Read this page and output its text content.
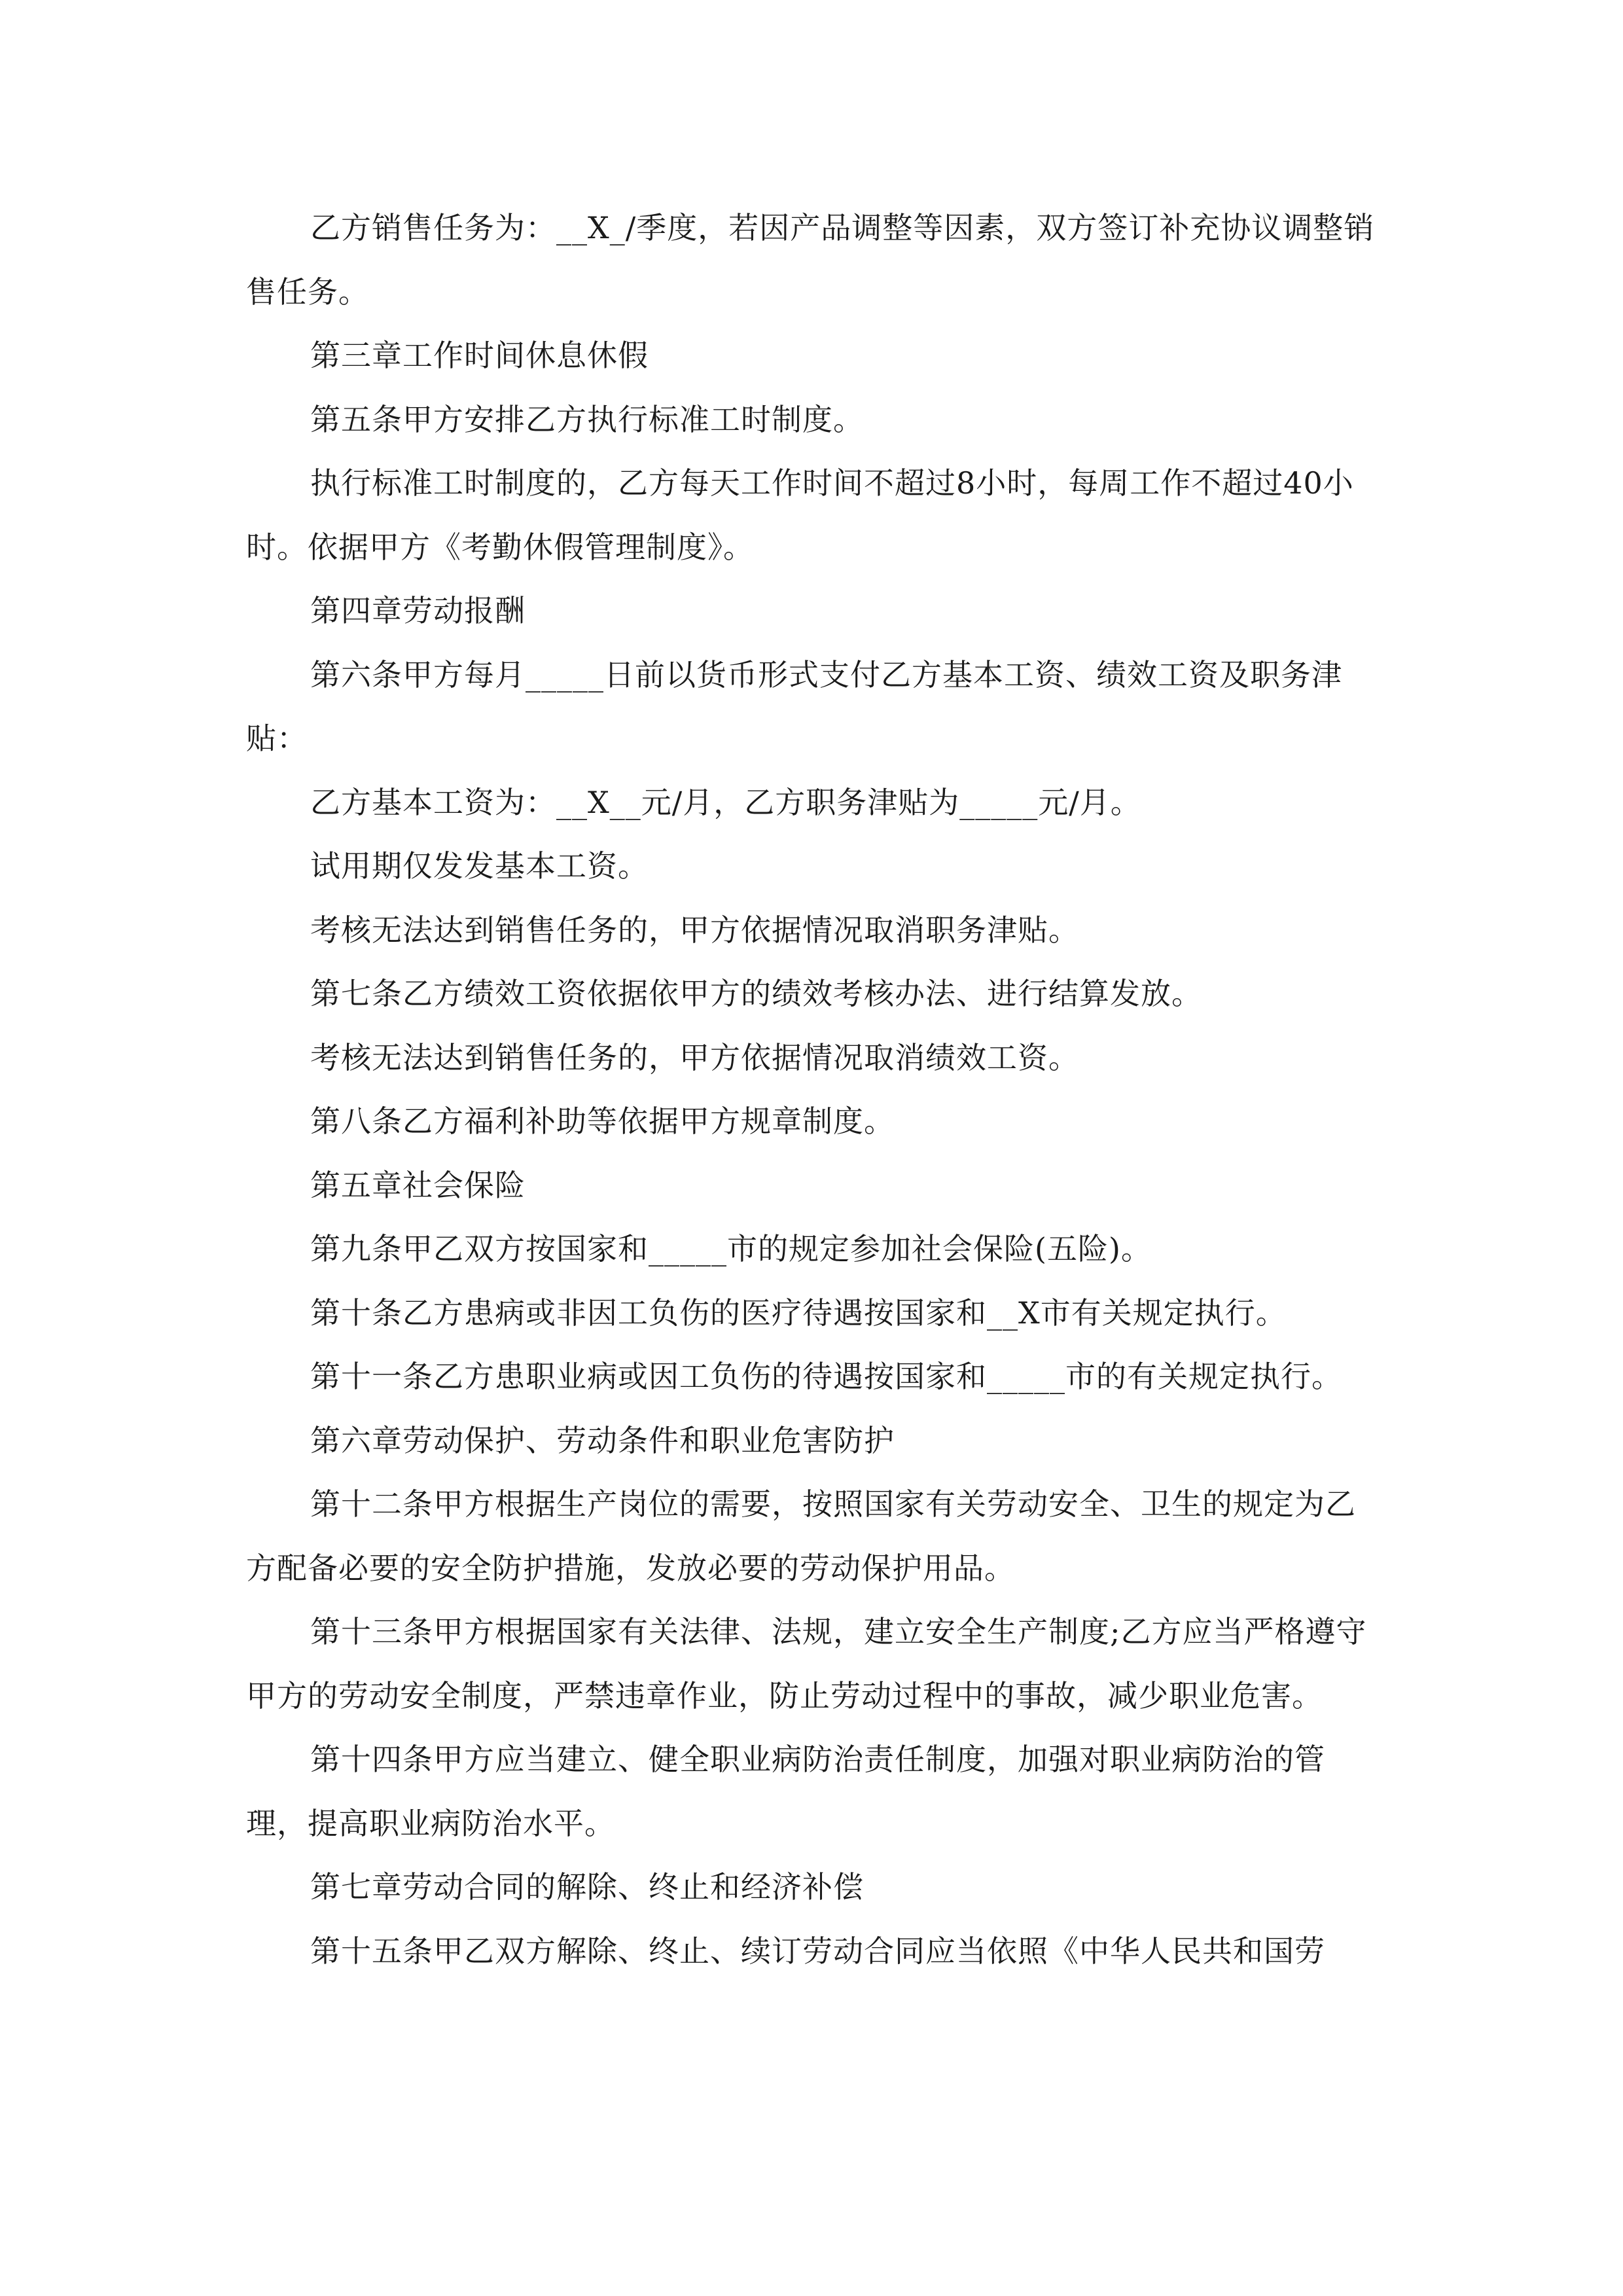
乙方销售任务为：__X_/季度，若因产品调整等因素，双方签订补充协议调整销售任务。

第三章工作时间休息休假

第五条甲方安排乙方执行标准工时制度。

执行标准工时制度的，乙方每天工作时间不超过8小时，每周工作不超过40小时。依据甲方《考勤休假管理制度》。

第四章劳动报酬

第六条甲方每月_____日前以货币形式支付乙方基本工资、绩效工资及职务津贴：

乙方基本工资为：__X__元/月，乙方职务津贴为_____元/月。

试用期仅发发基本工资。

考核无法达到销售任务的，甲方依据情况取消职务津贴。

第七条乙方绩效工资依据依甲方的绩效考核办法、进行结算发放。

考核无法达到销售任务的，甲方依据情况取消绩效工资。

第八条乙方福利补助等依据甲方规章制度。

第五章社会保险

第九条甲乙双方按国家和_____市的规定参加社会保险(五险)。

第十条乙方患病或非因工负伤的医疗待遇按国家和__X市有关规定执行。

第十一条乙方患职业病或因工负伤的待遇按国家和_____市的有关规定执行。

第六章劳动保护、劳动条件和职业危害防护

第十二条甲方根据生产岗位的需要，按照国家有关劳动安全、卫生的规定为乙方配备必要的安全防护措施，发放必要的劳动保护用品。

第十三条甲方根据国家有关法律、法规，建立安全生产制度;乙方应当严格遵守甲方的劳动安全制度，严禁违章作业，防止劳动过程中的事故，减少职业危害。

第十四条甲方应当建立、健全职业病防治责任制度，加强对职业病防治的管理，提高职业病防治水平。

第七章劳动合同的解除、终止和经济补偿

第十五条甲乙双方解除、终止、续订劳动合同应当依照《中华人民共和国劳
